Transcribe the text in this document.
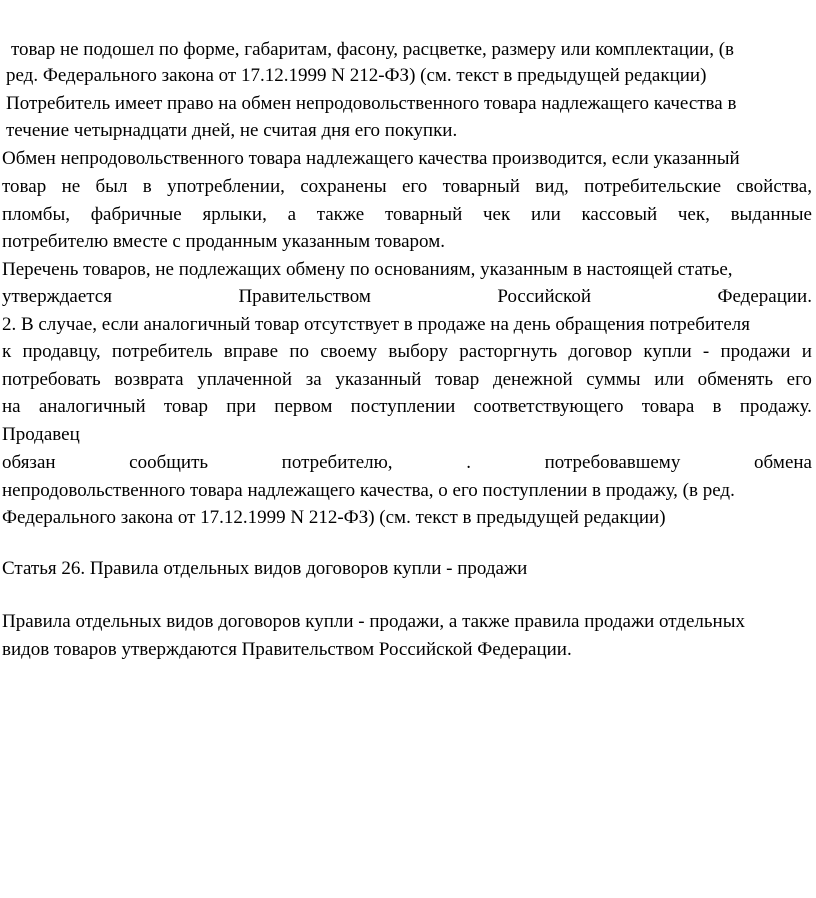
товар не подошел по форме, габаритам, фасону, расцветке, размеру или комплектации, (в
ред. Федерального закона от 17.12.1999 N 212-ФЗ) (см. текст в предыдущей редакции)
Потребитель имеет право на обмен непродовольственного товара надлежащего качества в
течение четырнадцати дней, не считая дня его покупки.
Обмен непродовольственного товара надлежащего качества производится, если указанный
товар не был в употреблении, сохранены его товарный вид, потребительские свойства,
пломбы, фабричные ярлыки, а также товарный чек или кассовый чек, выданные
потребителю вместе с проданным указанным товаром.
Перечень товаров, не подлежащих обмену по основаниям, указанным в настоящей статье,
утверждается	Правительством	Российской	Федерации.
2. В случае, если аналогичный товар отсутствует в продаже на день обращения потребителя
к продавцу, потребитель вправе по своему выбору расторгнуть договор купли - продажи и
потребовать возврата уплаченной за указанный товар денежной суммы или обменять его
на аналогичный товар при первом поступлении соответствующего товара в продажу.
Продавец
обязан	сообщить	потребителю,	.	потребовавшему	обмена
непродовольственного товара надлежащего качества, о его поступлении в продажу, (в ред.
Федерального закона от 17.12.1999 N 212-ФЗ) (см. текст в предыдущей редакции)
Статья 26. Правила отдельных видов договоров купли - продажи
Правила отдельных видов договоров купли - продажи, а также правила продажи отдельных
видов товаров утверждаются Правительством Российской Федерации.
